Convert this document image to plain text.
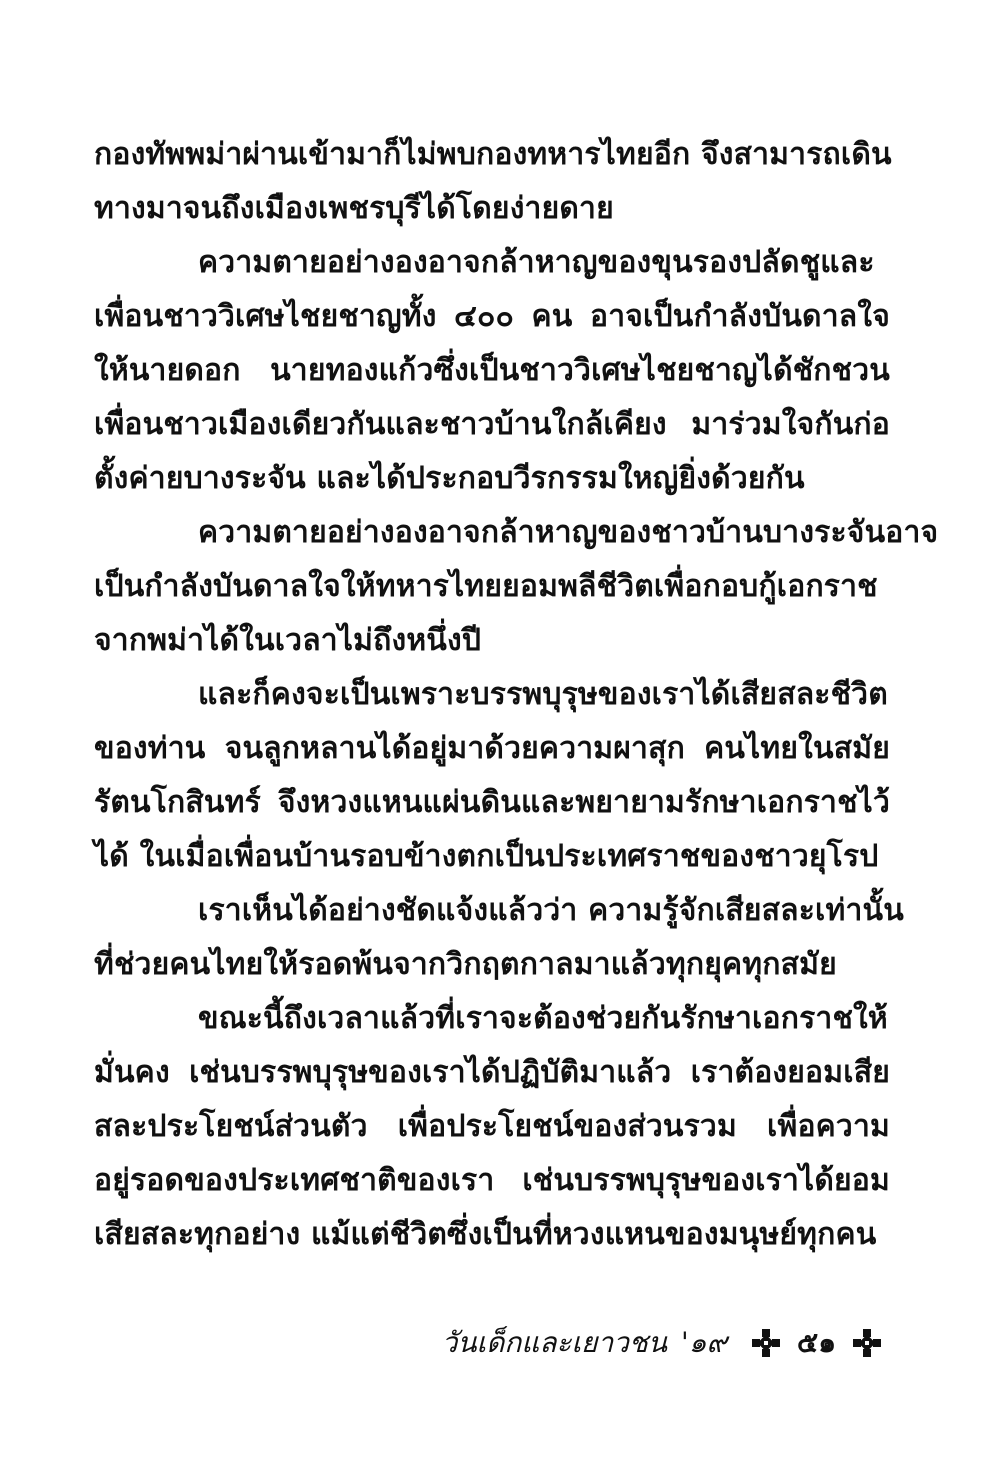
กองทัพพม่าผ่านเข้ามาก็ไม่พบกองทหารไทยอีก จึงสามารถเดิน
ทางมาจนถึงเมืองเพชรบุรีได้โดยง่ายดาย
ความตายอย่างองอาจกล้าหาญของขุนรองปลัดชูและ
เพื่อนชาววิเศษไชยชาญทั้ง ๔๐๐ คน อาจเป็นกำลังบันดาลใจ
ให้นายดอก นายทองแก้วซึ่งเป็นชาววิเศษไชยชาญได้ชักชวน
เพื่อนชาวเมืองเดียวกันและชาวบ้านใกล้เคียง มาร่วมใจกันก่อ
ตั้งค่ายบางระจัน และได้ประกอบวีรกรรมใหญ่ยิ่งด้วยกัน
ความตายอย่างองอาจกล้าหาญของชาวบ้านบางระจันอาจ
เป็นกำลังบันดาลใจให้ทหารไทยยอมพลีชีวิตเพื่อกอบกู้เอกราช
จากพม่าได้ในเวลาไม่ถึงหนึ่งปี
และก็คงจะเป็นเพราะบรรพบุรุษของเราได้เสียสละชีวิต
ของท่าน จนลูกหลานได้อยู่มาด้วยความผาสุก คนไทยในสมัย
รัตนโกสินทร์ จึงหวงแหนแผ่นดินและพยายามรักษาเอกราชไว้
ได้ ในเมื่อเพื่อนบ้านรอบข้างตกเป็นประเทศราชของชาวยุโรป
เราเห็นได้อย่างชัดแจ้งแล้วว่า ความรู้จักเสียสละเท่านั้น
ที่ช่วยคนไทยให้รอดพ้นจากวิกฤตกาลมาแล้วทุกยุคทุกสมัย
ขณะนี้ถึงเวลาแล้วที่เราจะต้องช่วยกันรักษาเอกราชให้
มั่นคง เช่นบรรพบุรุษของเราได้ปฏิบัติมาแล้ว เราต้องยอมเสีย
สละประโยชน์ส่วนตัว เพื่อประโยชน์ของส่วนรวม เพื่อความ
อยู่รอดของประเทศชาติของเรา เช่นบรรพบุรุษของเราได้ยอม
เสียสละทุกอย่าง แม้แต่ชีวิตซึ่งเป็นที่หวงแหนของมนุษย์ทุกคน
วันเด็กและเยาวชน '๑๙	๕๑
